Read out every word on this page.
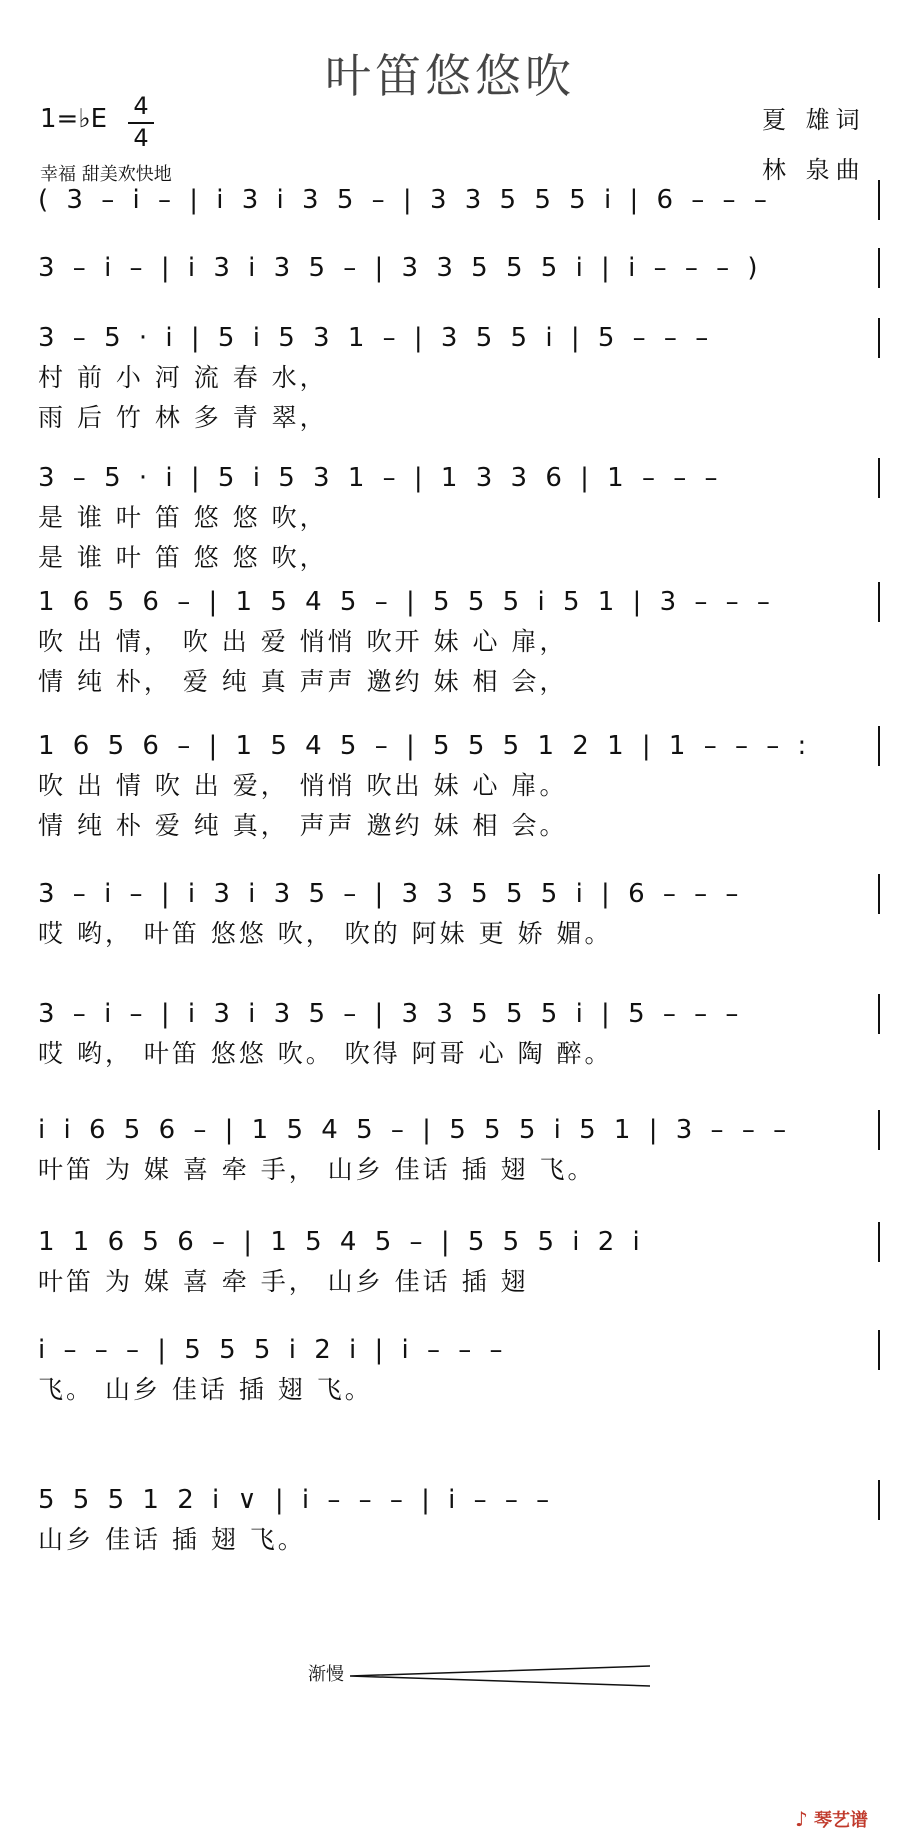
叶笛悠悠吹
1=♭E 4
4
幸福 甜美欢快地
夏 雄词
林 泉曲
( 3 – i – | i 3 i 3 5 – | 3 3 5 5 5 i | 6 – – –
3 – i – | i 3 i 3 5 – | 3 3 5 5 5 i | i – – – )
3 – 5 · i | 5 i 5 3 1 – | 3 5 5 i | 5 – – –
村 前 小 河 流 春 水，
雨 后 竹 林 多 青 翠，
3 – 5 · i | 5 i 5 3 1 – | 1 3 3 6 | 1 – – –
是 谁 叶 笛 悠 悠 吹，
是 谁 叶 笛 悠 悠 吹，
1 6 5 6 – | 1 5 4 5 – | 5 5 5 i 5 1 | 3 – – –
吹 出 情， 吹 出 爱 悄悄 吹开 妹 心 扉，
情 纯 朴， 爱 纯 真 声声 邀约 妹 相 会，
1 6 5 6 – | 1 5 4 5 – | 5 5 5 1 2 1 | 1 – – – :
吹 出 情 吹 出 爱， 悄悄 吹出 妹 心 扉。
情 纯 朴 爱 纯 真， 声声 邀约 妹 相 会。
3 – i – | i 3 i 3 5 – | 3 3 5 5 5 i | 6 – – –
哎 哟， 叶笛 悠悠 吹， 吹的 阿妹 更 娇 媚。
3 – i – | i 3 i 3 5 – | 3 3 5 5 5 i | 5 – – –
哎 哟， 叶笛 悠悠 吹。 吹得 阿哥 心 陶 醉。
i i 6 5 6 – | 1 5 4 5 – | 5 5 5 i 5 1 | 3 – – –
叶笛 为 媒 喜 牵 手， 山乡 佳话 插 翅 飞。
1 1 6 5 6 – | 1 5 4 5 – | 5 5 5 i 2 i
叶笛 为 媒 喜 牵 手， 山乡 佳话 插 翅
i – – – | 5 5 5 i 2 i | i – – –
飞。 山乡 佳话 插 翅 飞。
5 5 5 1 2 i ∨ | i – – – | i – – –
山乡 佳话 插 翅 飞。
渐慢
♪ 琴艺谱
